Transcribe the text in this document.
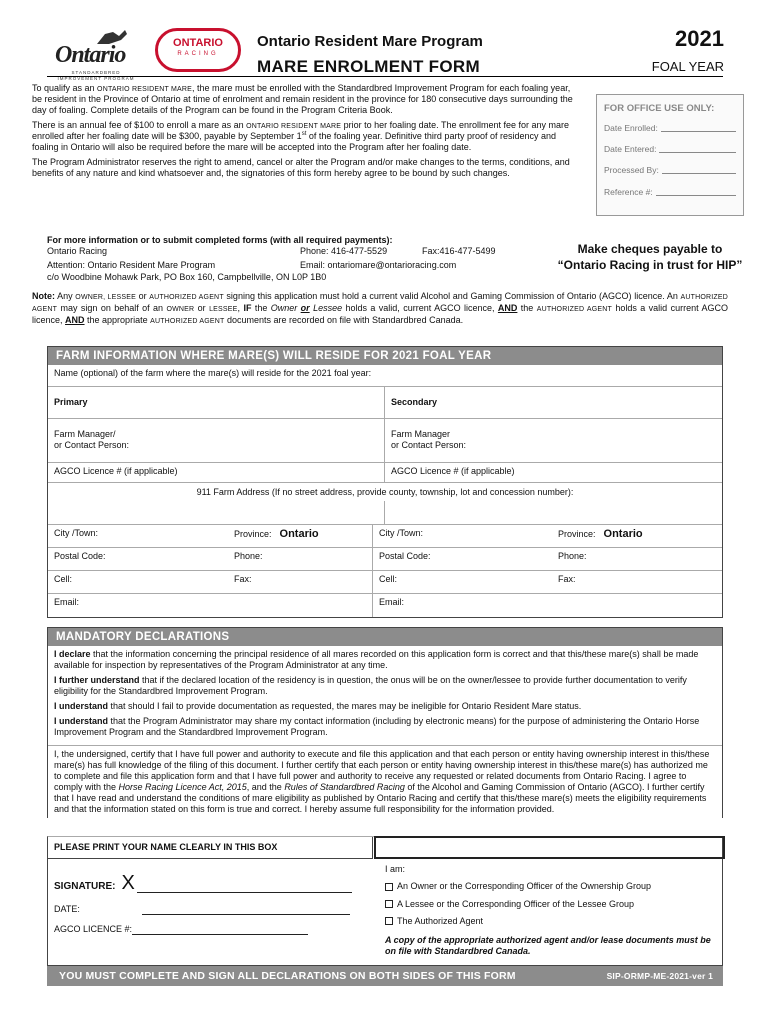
Ontario
STANDARDBRED
IMPROVEMENT PROGRAM
ONTARIO
RACING
Ontario Resident Mare Program
MARE ENROLMENT FORM
2021
FOAL YEAR

To qualify as an ONTARIO RESIDENT MARE, the mare must be enrolled with the Standardbred Improvement Program for each foaling year, be resident in the Province of Ontario at time of enrolment and remain resident in the province for 180 consecutive days surrounding the day of foaling. Complete details of the Program can be found in the Program Criteria Book.

There is an annual fee of $100 to enroll a mare as an ONTARIO RESIDENT MARE prior to her foaling date. The enrollment fee for any mare enrolled after her foaling date will be $300, payable by September 1st of the foaling year. Definitive third party proof of residency and foaling in Ontario will also be required before the mare will be accepted into the Program after her foaling date.

The Program Administrator reserves the right to amend, cancel or alter the Program and/or make changes to the terms, conditions, and benefits of any nature and kind whatsoever and, the signatories of this form hereby agree to be bound by such changes.

FOR OFFICE USE ONLY:
Date Enrolled:
Date Entered:
Processed By:
Reference #:
For more information or to submit completed forms (with all required payments):
Ontario Racing	Phone: 416-477-5529	Fax:416-477-5499
Attention: Ontario Resident Mare Program	Email: ontariomare@ontarioracing.com
c/o Woodbine Mohawk Park, PO Box 160, Campbellville, ON L0P 1B0
Make cheques payable to
“Ontario Racing in trust for HIP”
Note: Any OWNER, LESSEE or AUTHORIZED AGENT signing this application must hold a current valid Alcohol and Gaming Commission of Ontario (AGCO) licence. An AUTHORIZED AGENT may sign on behalf of an OWNER or LESSEE, IF the Owner or Lessee holds a valid, current AGCO licence, AND the AUTHORIZED AGENT holds a valid current AGCO licence, AND the appropriate AUTHORIZED AGENT documents are recorded on file with Standardbred Canada.
FARM INFORMATION WHERE MARE(S) WILL RESIDE FOR 2021 FOAL YEAR
Name (optional) of the farm where the mare(s) will reside for the 2021 foal year:
Primary	Secondary
Farm Manager/
or Contact Person:
Farm Manager
or Contact Person:
AGCO Licence # (if applicable)	AGCO Licence # (if applicable)
911 Farm Address (If no street address, provide county, township, lot and concession number):
City /Town:	Province: Ontario	City /Town:	Province: Ontario
Postal Code:	Phone:	Postal Code:	Phone:
Cell:	Fax:	Cell:	Fax:
Email:	Email:
MANDATORY DECLARATIONS

I declare that the information concerning the principal residence of all mares recorded on this application form is correct and that this/these mare(s) shall be made available for inspection by representatives of the Program Administrator at any time.

I further understand that if the declared location of the residency is in question, the onus will be on the owner/lessee to provide further documentation to verify eligibility for the Standardbred Improvement Program.

I understand that should I fail to provide documentation as requested, the mares may be ineligible for Ontario Resident Mare status.

I understand that the Program Administrator may share my contact information (including by electronic means) for the purpose of administering the Ontario Horse Improvement Program and the Standardbred Improvement Program.

I, the undersigned, certify that I have full power and authority to execute and file this application and that each person or entity having ownership interest in this/these mare(s) has full knowledge of the filing of this document. I further certify that each person or entity having ownership interest in this/these mare(s) has authorized me to complete and file this application form and that I have full power and authority to receive any requested or related documents from Ontario Racing. I agree to comply with the Horse Racing Licence Act, 2015, and the Rules of Standardbred Racing of the Alcohol and Gaming Commission of Ontario (AGCO). I further certify that I have read and understand the conditions of mare eligibility as published by Ontario Racing and certify that this/these mare(s) meets the eligibility requirements and that the information stated on this form is true and correct. I hereby assume full responsibility for the information provided.
PLEASE PRINT YOUR NAME CLEARLY IN THIS BOX
SIGNATURE: X
DATE:
AGCO LICENCE #:
I am:
An Owner or the Corresponding Officer of the Ownership Group
A Lessee or the Corresponding Officer of the Lessee Group
The Authorized Agent
A copy of the appropriate authorized agent and/or lease documents must be on file with Standardbred Canada.
YOU MUST COMPLETE AND SIGN ALL DECLARATIONS ON BOTH SIDES OF THIS FORM	SIP-ORMP-ME-2021-ver 1
